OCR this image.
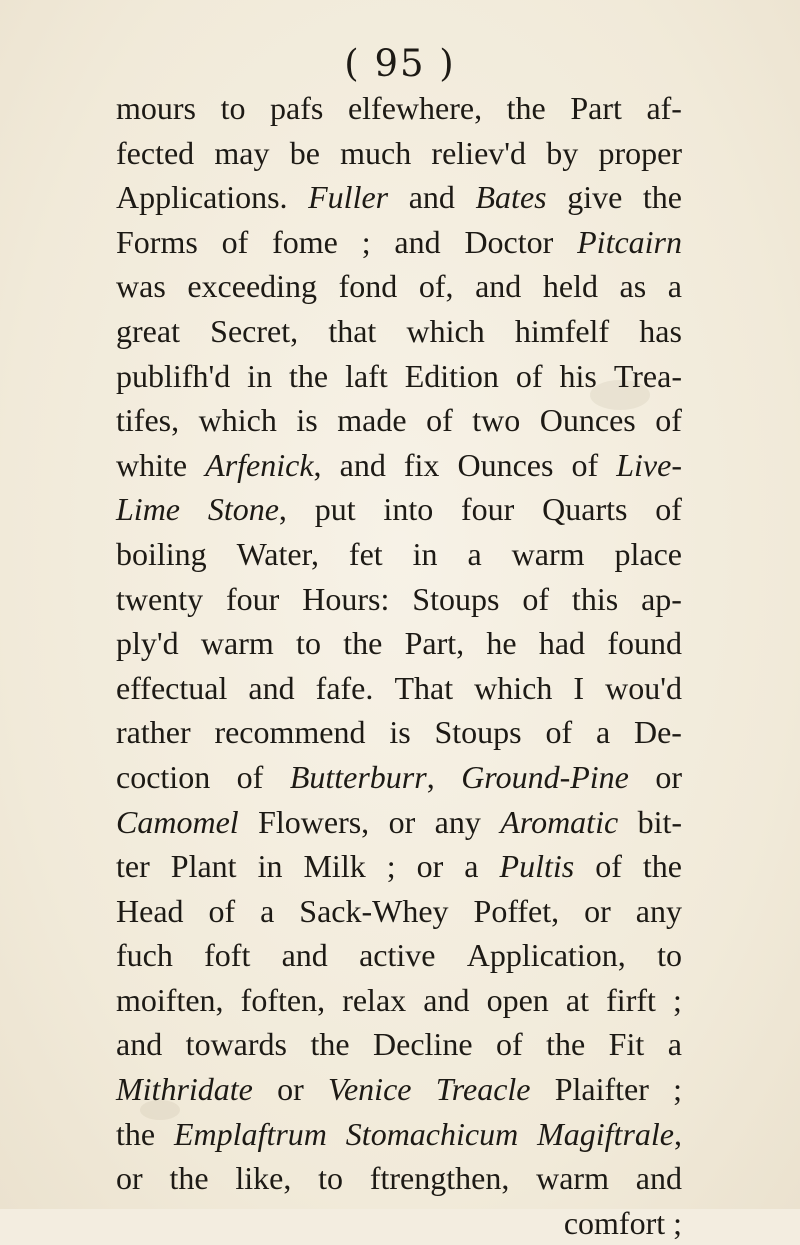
( 95 )
mours to pafs elfewhere, the Part af-
fected may be much reliev'd by proper
Applications. Fuller and Bates give the
Forms of fome ; and Doctor Pitcairn
was exceeding fond of, and held as a
great Secret, that which himfelf has
publifh'd in the laft Edition of his Trea-
tifes, which is made of two Ounces of
white Arfenick, and fix Ounces of Live-
Lime Stone, put into four Quarts of
boiling Water, fet in a warm place
twenty four Hours: Stoups of this ap-
ply'd warm to the Part, he had found
effectual and fafe. That which I wou'd
rather recommend is Stoups of a De-
coction of Butterburr, Ground-Pine or
Camomel Flowers, or any Aromatic bit-
ter Plant in Milk ; or a Pultis of the
Head of a Sack-Whey Poffet, or any
fuch foft and active Application, to
moiften, foften, relax and open at firft ;
and towards the Decline of the Fit a
Mithridate or Venice Treacle Plaifter ;
the Emplaftrum Stomachicum Magiftrale,
or the like, to ftrengthen, warm and
comfort ;
